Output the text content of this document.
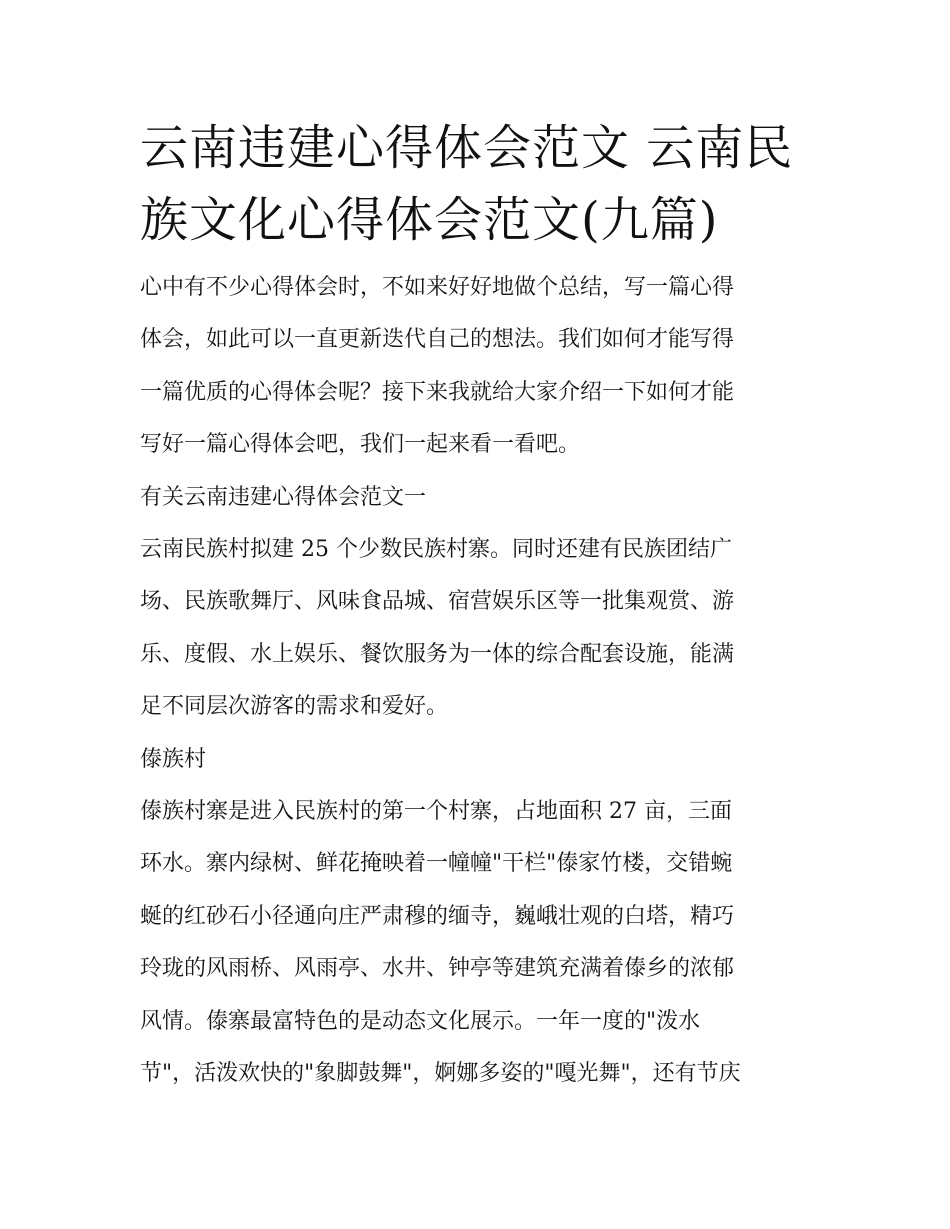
云南违建心得体会范文 云南民
族文化心得体会范文(九篇)
心中有不少心得体会时，不如来好好地做个总结，写一篇心得
体会，如此可以一直更新迭代自己的想法。我们如何才能写得
一篇优质的心得体会呢？接下来我就给大家介绍一下如何才能
写好一篇心得体会吧，我们一起来看一看吧。
有关云南违建心得体会范文一
云南民族村拟建 25 个少数民族村寨。同时还建有民族团结广
场、民族歌舞厅、风味食品城、宿营娱乐区等一批集观赏、游
乐、度假、水上娱乐、餐饮服务为一体的综合配套设施，能满
足不同层次游客的需求和爱好。
傣族村
傣族村寨是进入民族村的第一个村寨，占地面积 27 亩，三面
环水。寨内绿树、鲜花掩映着一幢幢"干栏"傣家竹楼，交错蜿
蜒的红砂石小径通向庄严肃穆的缅寺，巍峨壮观的白塔，精巧
玲珑的风雨桥、风雨亭、水井、钟亭等建筑充满着傣乡的浓郁
风情。傣寨最富特色的是动态文化展示。一年一度的"泼水
节"，活泼欢快的"象脚鼓舞"，婀娜多姿的"嘎光舞"，还有节庆
